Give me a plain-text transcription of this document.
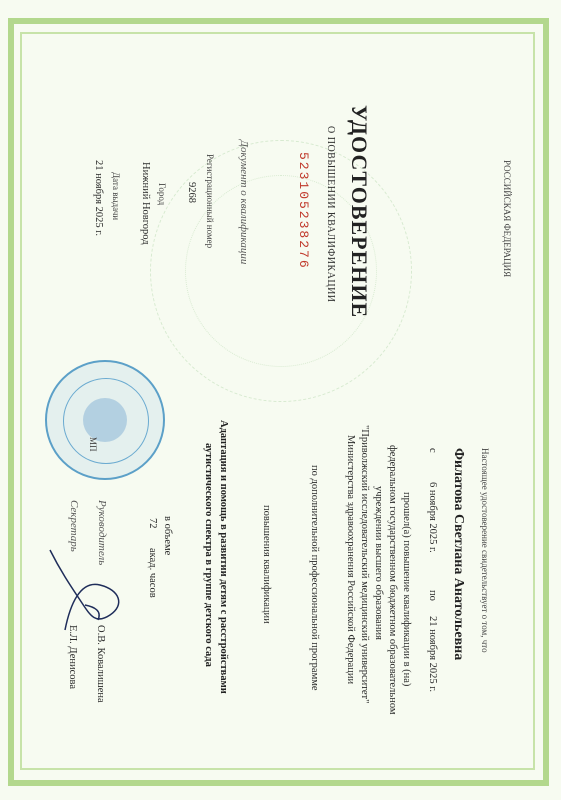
РОССИЙСКАЯ ФЕДЕРАЦИЯ
Настоящее удостоверение свидетельствует о том, что
Филатова Светлана Анатольевна
с
6 ноября 2025 г.
по
21 ноября 2025 г.
прошел(а) повышение квалификации в (на)
федеральном государственном бюджетном образовательном
учреждении высшего образования
"Приволжский исследовательский медицинский университет"
Министерства здравоохранения Российской Федерации
по дополнительной профессиональной программе
повышения квалификации
Адаптация и помощь в развитии детям с расстройствами
аутистического спектра в группе детского сада
в объеме
72
акад. часов
Руководитель
О.В. Ковалишена
Секретарь
Е.Л. Денисова
УДОСТОВЕРЕНИЕ
О ПОВЫШЕНИИ КВАЛИФИКАЦИИ
523105238276
Документ о квалификации
Регистрационный номер
9268
Город
Нижний Новгород
Дата выдачи
21 ноября 2025 г.
МП
